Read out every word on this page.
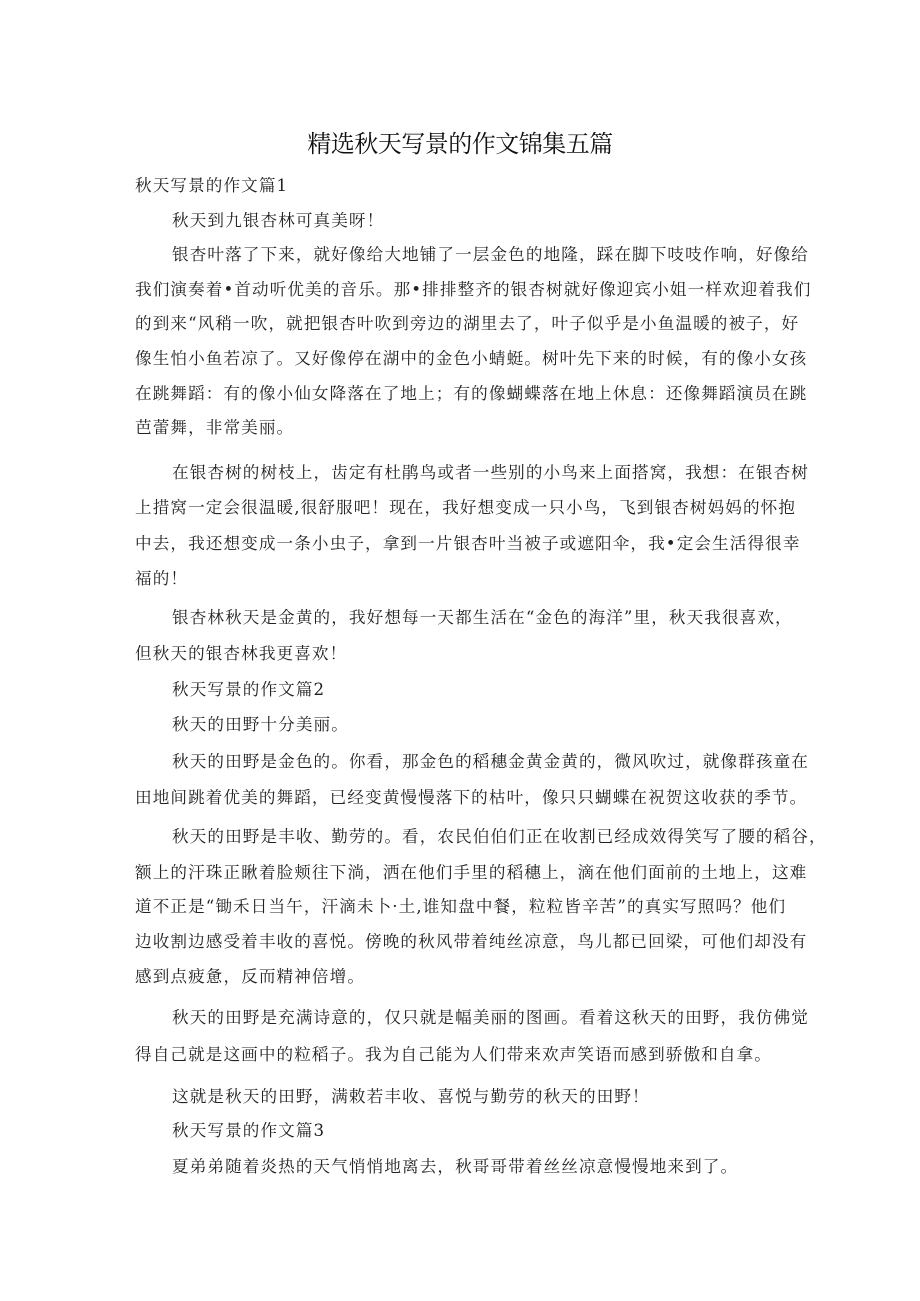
精选秋天写景的作文锦集五篇
秋天写景的作文篇1
秋天到九银杏林可真美呀！
银杏叶落了下来，就好像给大地铺了一层金色的地隆，踩在脚下吱吱作响，好像给
我们演奏着•首动听优美的音乐。那•排排整齐的银杏树就好像迎宾小姐一样欢迎着我们
的到来“风稍一吹，就把银杏叶吹到旁边的湖里去了，叶子似乎是小鱼温暖的被子，好
像生怕小鱼若凉了。又好像停在湖中的金色小蜻蜓。树叶先下来的时候，有的像小女孩
在跳舞蹈：有的像小仙女降落在了地上；有的像蝴蝶落在地上休息：还像舞蹈演员在跳
芭蕾舞，非常美丽。
在银杏树的树枝上，齿定有杜鹃鸟或者一些别的小鸟来上面搭窝，我想：在银杏树
上措窝一定会很温暖,很舒服吧！现在，我好想变成一只小鸟，飞到银杏树妈妈的怀抱
中去，我还想变成一条小虫子，拿到一片银杏叶当被子或遮阳伞，我•定会生活得很幸
福的！
银杏林秋天是金黄的，我好想每一天都生活在“金色的海洋”里，秋天我很喜欢，
但秋天的银杏林我更喜欢！
秋天写景的作文篇2
秋天的田野十分美丽。
秋天的田野是金色的。你看，那金色的稻穗金黄金黄的，微风吹过，就像群孩童在
田地间跳着优美的舞蹈，已经变黄慢慢落下的枯叶，像只只蝴蝶在祝贺这收获的季节。
秋天的田野是丰收、勤劳的。看，农民伯伯们正在收割已经成效得笑写了腰的稻谷，
额上的汗珠正瞅着脸颊往下淌，洒在他们手里的稻穗上，滴在他们面前的土地上，这难
道不正是“锄禾日当午，汗滴未卜·土,谁知盘中餐，粒粒皆辛苦”的真实写照吗？他们
边收割边感受着丰收的喜悦。傍晚的秋风带着纯丝凉意，鸟儿都已回梁，可他们却没有
感到点疲惫，反而精神倍增。
秋天的田野是充满诗意的，仅只就是幅美丽的图画。看着这秋天的田野，我仿佛觉
得自己就是这画中的粒稻子。我为自己能为人们带来欢声笑语而感到骄傲和自拿。
这就是秋天的田野，满敕若丰收、喜悦与勤劳的秋天的田野！
秋天写景的作文篇3
夏弟弟随着炎热的天气悄悄地离去，秋哥哥带着丝丝凉意慢慢地来到了。
